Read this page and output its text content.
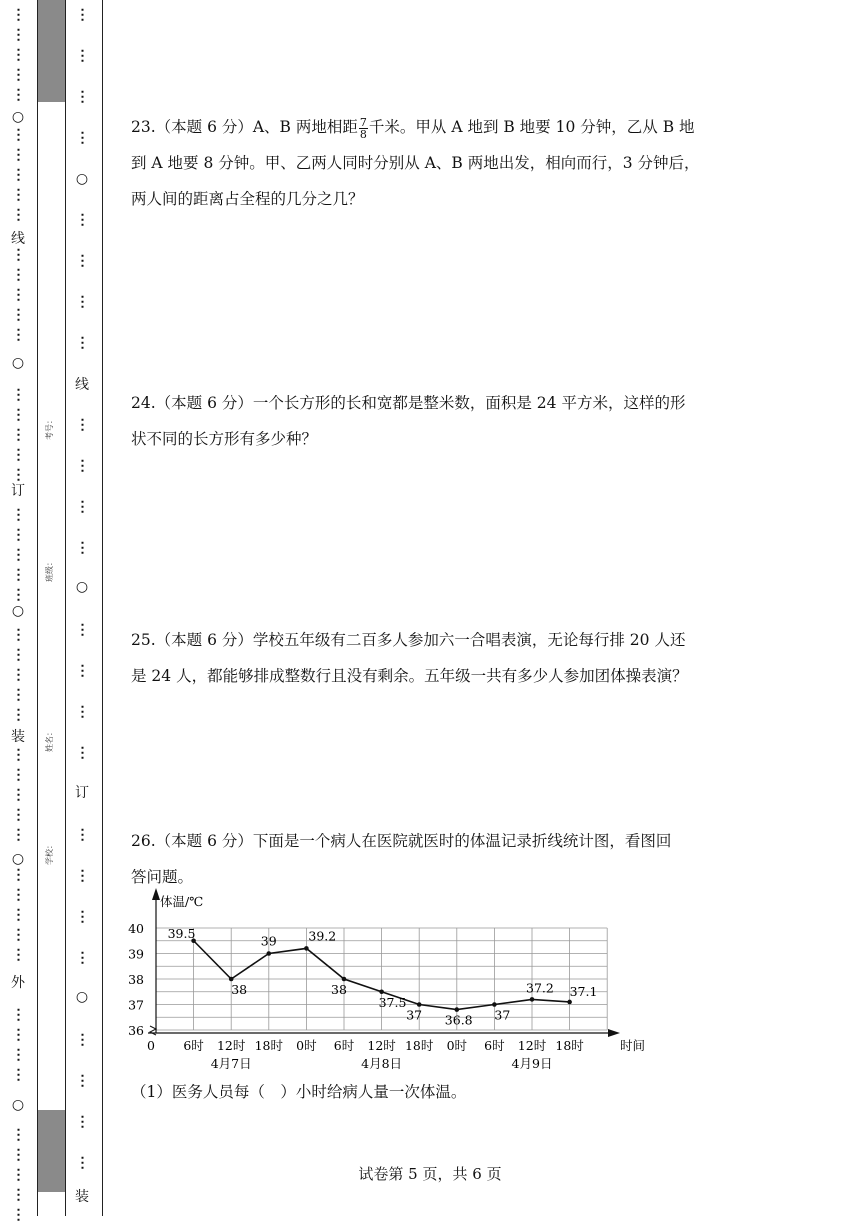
○
线
○
订
○
装
○
外
○
⋮
⋮
⋮
⋮
⋮
⋮
⋮
⋮
⋮
⋮
⋮
⋮
⋮
⋮
⋮
⋮
⋮
⋮
⋮
⋮
⋮
⋮
⋮
⋮
⋮
⋮
⋮
⋮
⋮
⋮
⋮
⋮
⋮
⋮
⋮
⋮
⋮
⋮
⋮
⋮
⋮
⋮
⋮
⋮
⋮
⋮
⋮
⋮
⋮
学校：
姓名：
班级：
考号：
○
线
○
订
○
装
⋮
⋮
⋮
⋮
⋮
⋮
⋮
⋮
⋮
⋮
⋮
⋮
⋮
⋮
⋮
⋮
⋮
⋮
⋮
⋮
⋮
⋮
⋮
⋮
23.（本题 6 分）A、B 两地相距 $\frac{7}{8}$ 千米。甲从 A 地到 B 地要 10 分钟，乙从 B 地
到 A 地要 8 分钟。甲、乙两人同时分别从 A、B 两地出发，相向而行，3 分钟后，
两人间的距离占全程的几分之几？
24.（本题 6 分）一个长方形的长和宽都是整米数，面积是 24 平方米，这样的形
状不同的长方形有多少种？
25.（本题 6 分）学校五年级有二百多人参加六一合唱表演，无论每行排 20 人还
是 24 人，都能够排成整数行且没有剩余。五年级一共有多少人参加团体操表演？
26.（本题 6 分）下面是一个病人在医院就医时的体温记录折线统计图，看图回
答问题。
36
37
38
39
40
体温/℃
时间
0 6时 12时 18时 0时 6时 12时 18时 0时 6时 12时 18时
4月7日	4月8日	4月9日
39.5
38
39	39.2
38
37.5
37 36.8 37
37.2 37.1
（1）医务人员每（　）小时给病人量一次体温。
试卷第 5 页，共 6 页
